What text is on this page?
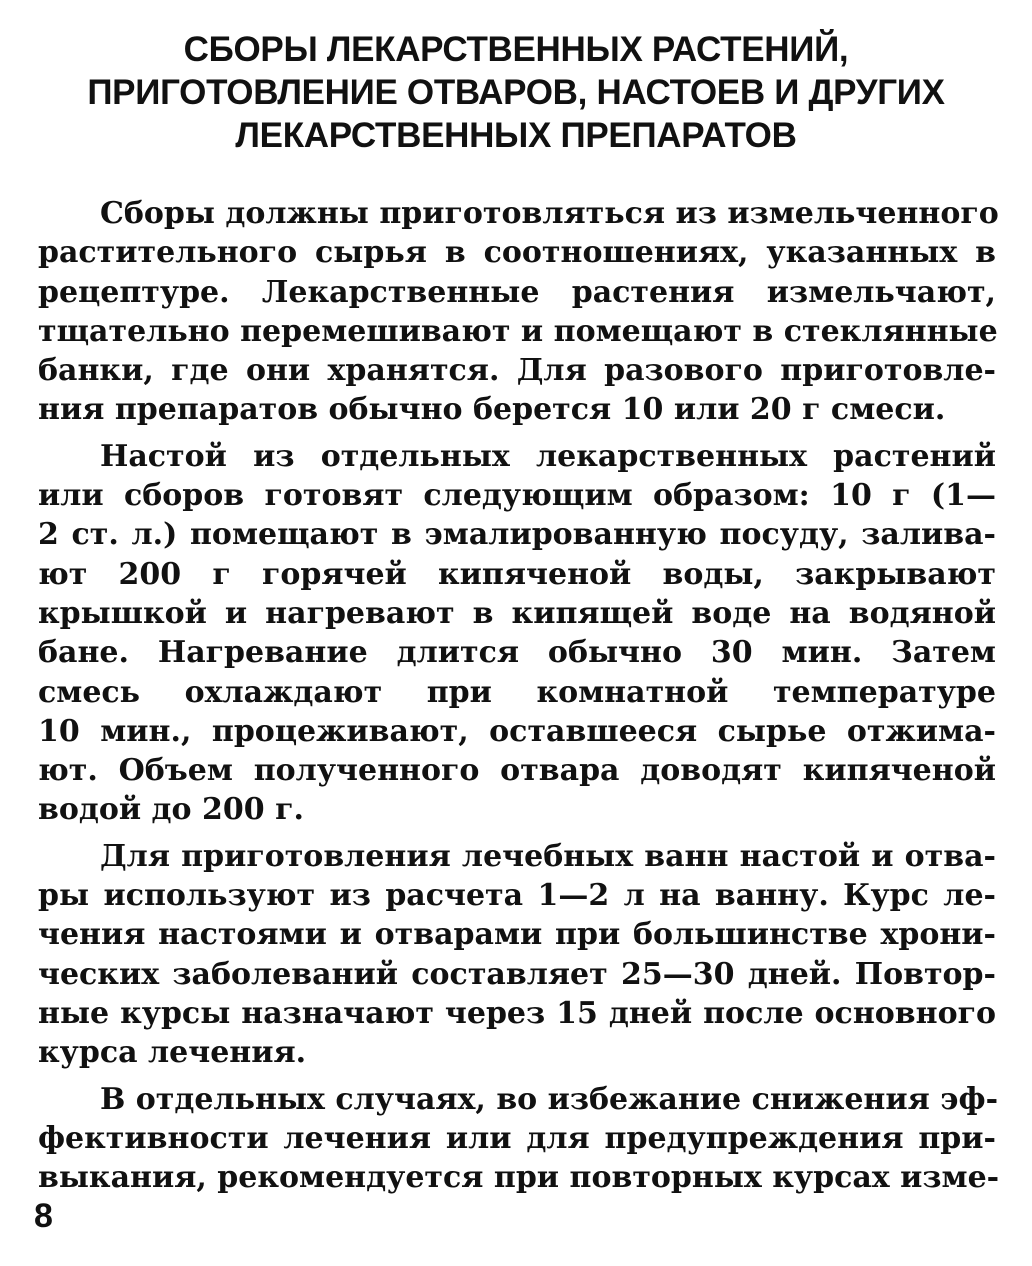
СБОРЫ ЛЕКАРСТВЕННЫХ РАСТЕНИЙ,
ПРИГОТОВЛЕНИЕ ОТВАРОВ, НАСТОЕВ И ДРУГИХ
ЛЕКАРСТВЕННЫХ ПРЕПАРАТОВ
Сборы должны приготовляться из измельченного
растительного сырья в соотношениях, указанных в
рецептуре. Лекарственные растения измельчают,
тщательно перемешивают и помещают в стеклянные
банки, где они хранятся. Для разового приготовле-
ния препаратов обычно берется 10 или 20 г смеси.
Настой из отдельных лекарственных растений
или сборов готовят следующим образом: 10 г (1—
2 ст. л.) помещают в эмалированную посуду, залива-
ют 200 г горячей кипяченой воды, закрывают
крышкой и нагревают в кипящей воде на водяной
бане. Нагревание длится обычно 30 мин. Затем
смесь охлаждают при комнатной температуре
10 мин., процеживают, оставшееся сырье отжима-
ют. Объем полученного отвара доводят кипяченой
водой до 200 г.
Для приготовления лечебных ванн настой и отва-
ры используют из расчета 1—2 л на ванну. Курс ле-
чения настоями и отварами при большинстве хрони-
ческих заболеваний составляет 25—30 дней. Повтор-
ные курсы назначают через 15 дней после основного
курса лечения.
В отдельных случаях, во избежание снижения эф-
фективности лечения или для предупреждения при-
выкания, рекомендуется при повторных курсах изме-
8
